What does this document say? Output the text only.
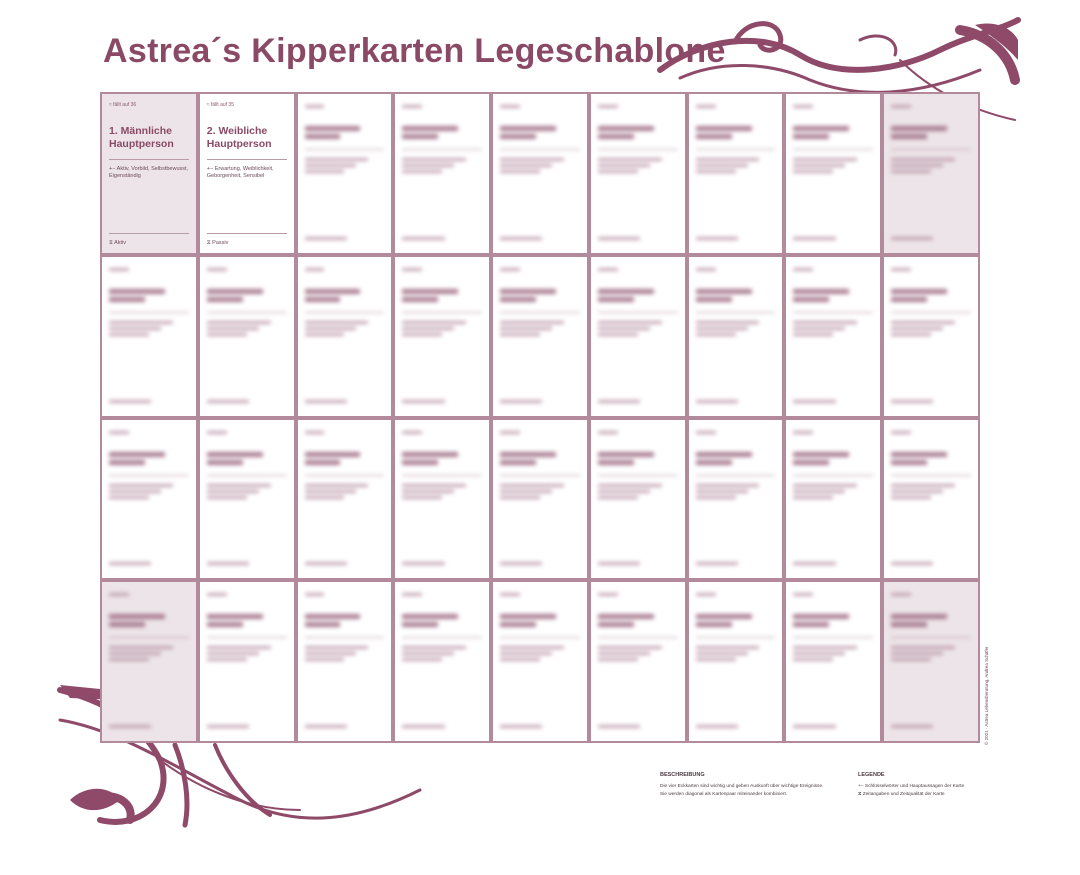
Astrea´s Kipperkarten Legeschablone
≈ fällt auf 36
1. Männliche Hauptperson
+− Aktiv, Vorbild, Selbstbewusst, Eigenständig
⧖ Aktiv
≈ fällt auf 35
2. Weibliche Hauptperson
+− Erwartung, Weiblichkeit, Geborgenheit, Sensibel
⧖ Passiv
BESCHREIBUNG
Die vier Eckkarten sind wichtig und geben Auskunft über wichtige Ereignisse.
Sie werden diagonal als Kartenpaar miteinander kombiniert.
LEGENDE
+− Schlüsselwörter und Hauptaussagen der Karte
⧖ Zeitangaben und Zeitqualität der Karte
© 2021 · Astrea Lebensberatung, Andrea Schäfer
